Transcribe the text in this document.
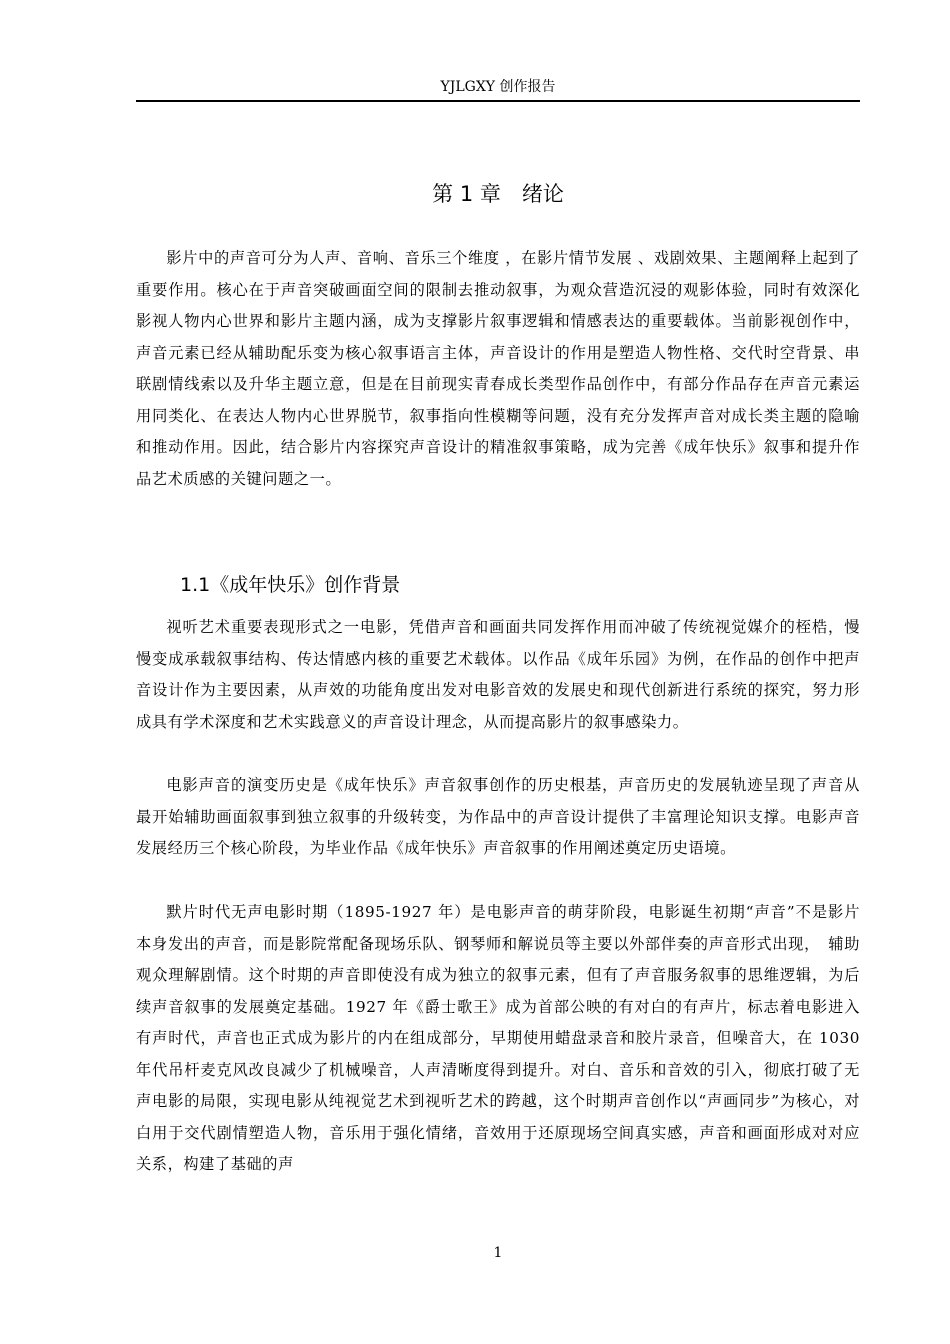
YJLGXY 创作报告
第 1 章　绪论

影片中的声音可分为人声、音响、音乐三个维度 ，在影片情节发展 、戏剧效果、主题阐释上起到了重要作用。核心在于声音突破画面空间的限制去推动叙事，为观众营造沉浸的观影体验，同时有效深化影视人物内心世界和影片主题内涵，成为支撑影片叙事逻辑和情感表达的重要载体。当前影视创作中，声音元素已经从辅助配乐变为核心叙事语言主体，声音设计的作用是塑造人物性格、交代时空背景、串联剧情线索以及升华主题立意，但是在目前现实青春成长类型作品创作中，有部分作品存在声音元素运用同类化、在表达人物内心世界脱节，叙事指向性模糊等问题，没有充分发挥声音对成长类主题的隐喻和推动作用。因此，结合影片内容探究声音设计的精准叙事策略，成为完善《成年快乐》叙事和提升作品艺术质感的关键问题之一。

1.1《成年快乐》创作背景

视听艺术重要表现形式之一电影，凭借声音和画面共同发挥作用而冲破了传统视觉媒介的桎梏，慢慢变成承载叙事结构、传达情感内核的重要艺术载体。以作品《成年乐园》为例，在作品的创作中把声音设计作为主要因素，从声效的功能角度出发对电影音效的发展史和现代创新进行系统的探究，努力形成具有学术深度和艺术实践意义的声音设计理念，从而提高影片的叙事感染力。

电影声音的演变历史是《成年快乐》声音叙事创作的历史根基，声音历史的发展轨迹呈现了声音从最开始辅助画面叙事到独立叙事的升级转变，为作品中的声音设计提供了丰富理论知识支撑。电影声音发展经历三个核心阶段，为毕业作品《成年快乐》声音叙事的作用阐述奠定历史语境。

默片时代无声电影时期（1895-1927 年）是电影声音的萌芽阶段，电影诞生初期“声音”不是影片本身发出的声音，而是影院常配备现场乐队、钢琴师和解说员等主要以外部伴奏的声音形式出现，　辅助观众理解剧情。这个时期的声音即使没有成为独立的叙事元素，但有了声音服务叙事的思维逻辑，为后续声音叙事的发展奠定基础。1927 年《爵士歌王》成为首部公映的有对白的有声片，标志着电影进入有声时代，声音也正式成为影片的内在组成部分，早期使用蜡盘录音和胶片录音，但噪音大，在 1030 年代吊杆麦克风改良减少了机械噪音，人声清晰度得到提升。对白、音乐和音效的引入，彻底打破了无声电影的局限，实现电影从纯视觉艺术到视听艺术的跨越，这个时期声音创作以“声画同步”为核心，对白用于交代剧情塑造人物，音乐用于强化情绪，音效用于还原现场空间真实感，声音和画面形成对对应关系，构建了基础的声

1
